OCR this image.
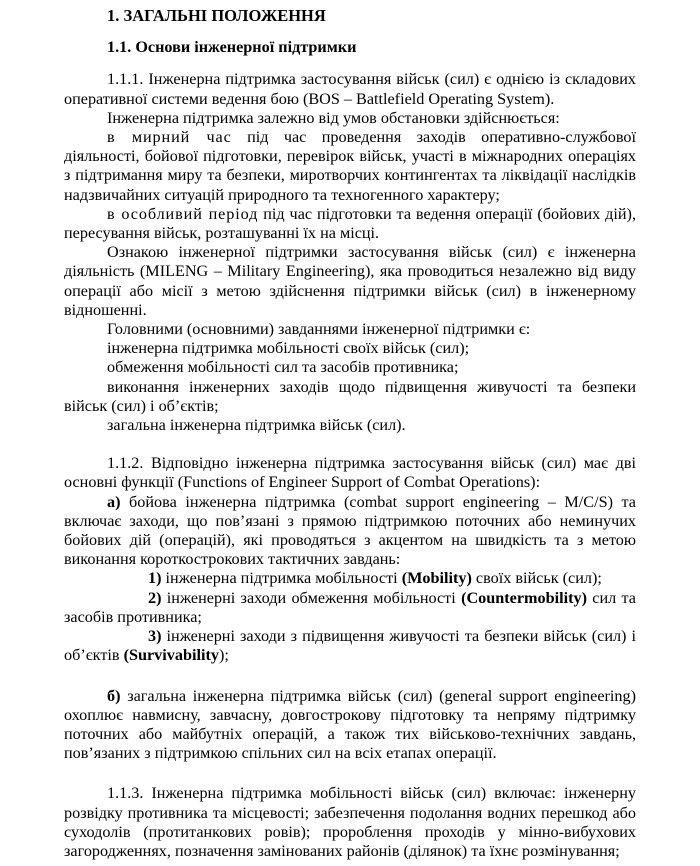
1. ЗАГАЛЬНІ ПОЛОЖЕННЯ
1.1. Основи інженерної підтримки

1.1.1. Інженерна підтримка застосування військ (сил) є однією із складових оперативної системи ведення бою (BOS – Battlefield Operating System).

Інженерна підтримка залежно від умов обстановки здійснюється:

в мирний час під час проведення заходів оперативно-службової діяльності, бойової підготовки, перевірок військ, участі в міжнародних операціях з підтримання миру та безпеки, миротворчих контингентах та ліквідації наслідків надзвичайних ситуацій природного та техногенного характеру;

в особливий період під час підготовки та ведення операції (бойових дій), пересування військ, розташуванні їх на місці.

Ознакою інженерної підтримки застосування військ (сил) є інженерна діяльність (MILENG – Military Engineering), яка проводиться незалежно від виду операції або місії з метою здійснення підтримки військ (сил) в інженерному відношенні.

Головними (основними) завданнями інженерної підтримки є:

інженерна підтримка мобільності своїх військ (сил);

обмеження мобільності сил та засобів противника;

виконання інженерних заходів щодо підвищення живучості та безпеки військ (сил) і об’єктів;

загальна інженерна підтримка військ (сил).

1.1.2. Відповідно інженерна підтримка застосування військ (сил) має дві основні функції (Functions of Engineer Support of Combat Operations):

а) бойова інженерна підтримка (combat support engineering – M/C/S) та включає заходи, що пов’язані з прямою підтримкою поточних або неминучих бойових дій (операцій), які проводяться з акцентом на швидкість та з метою виконання короткострокових тактичних завдань:

1) інженерна підтримка мобільності (Mobility) своїх військ (сил);

2) інженерні заходи обмеження мобільності (Countermobility) сил та засобів противника;

3) інженерні заходи з підвищення живучості та безпеки військ (сил) і об’єктів (Survivability);

б) загальна інженерна підтримка військ (сил) (general support engineering) охоплює навмисну, завчасну, довгострокову підготовку та непряму підтримку поточних або майбутніх операцій, а також тих військово-технічних завдань, пов’язаних з підтримкою спільних сил на всіх етапах операції.

1.1.3. Інженерна підтримка мобільності військ (сил) включає: інженерну розвідку противника та місцевості; забезпечення подолання водних перешкод або суходолів (протитанкових ровів); пророблення проходів у мінно-вибухових загородженнях, позначення замінованих районів (ділянок) та їхнє розмінування;
